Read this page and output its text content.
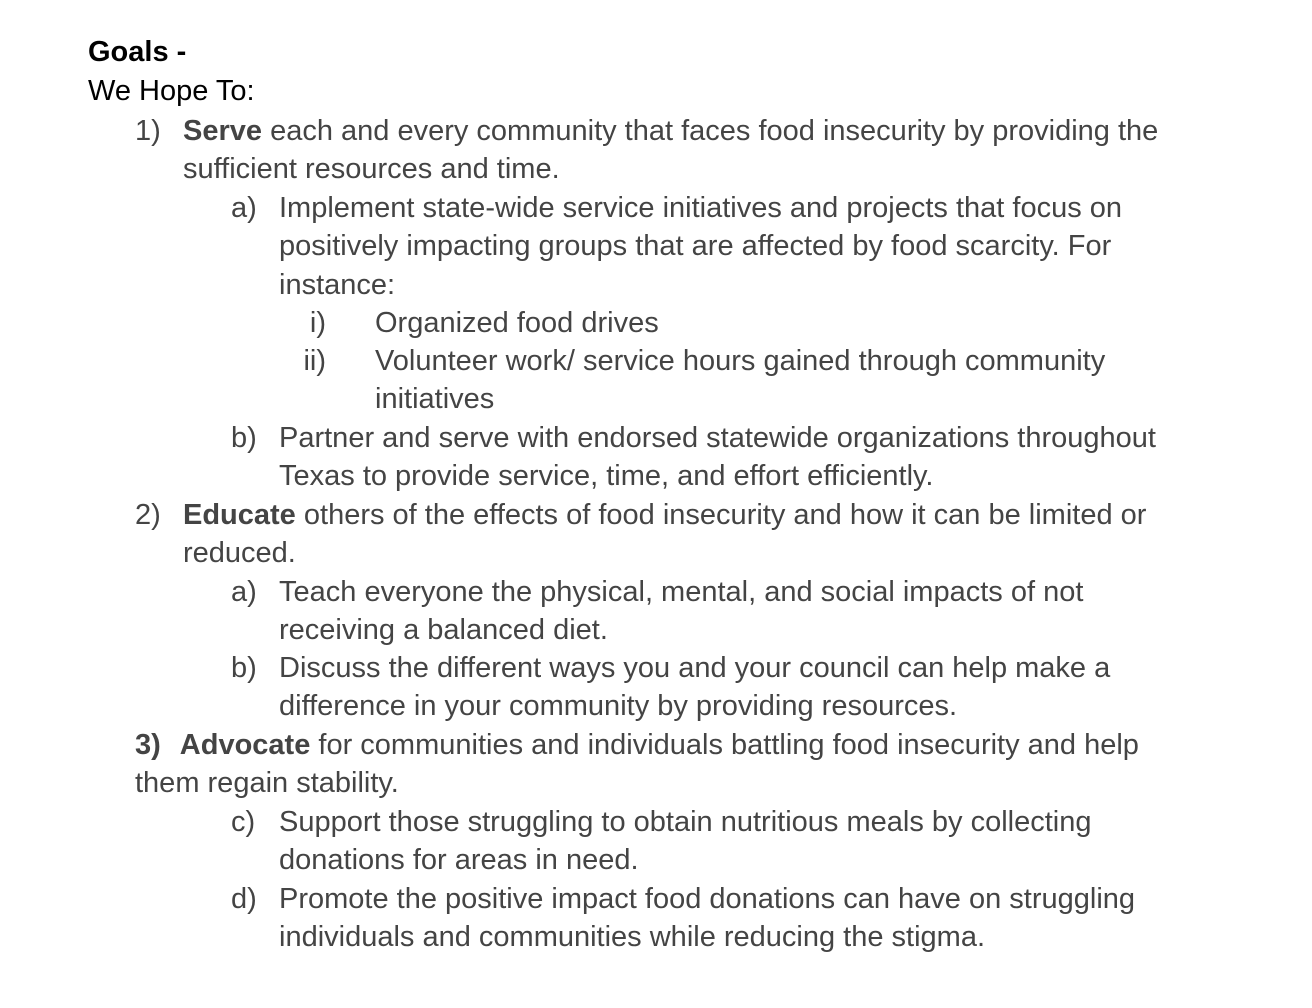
Goals -
We Hope To:
1) Serve each and every community that faces food insecurity by providing the sufficient resources and time.
a) Implement state-wide service initiatives and projects that focus on positively impacting groups that are affected by food scarcity. For instance:
i) Organized food drives
ii) Volunteer work/ service hours gained through community initiatives
b) Partner and serve with endorsed statewide organizations throughout Texas to provide service, time, and effort efficiently.
2) Educate others of the effects of food insecurity and how it can be limited or reduced.
a) Teach everyone the physical, mental, and social impacts of not receiving a balanced diet.
b) Discuss the different ways you and your council can help make a difference in your community by providing resources.
3) Advocate for communities and individuals battling food insecurity and help them regain stability.
c) Support those struggling to obtain nutritious meals by collecting donations for areas in need.
d) Promote the positive impact food donations can have on struggling individuals and communities while reducing the stigma.
